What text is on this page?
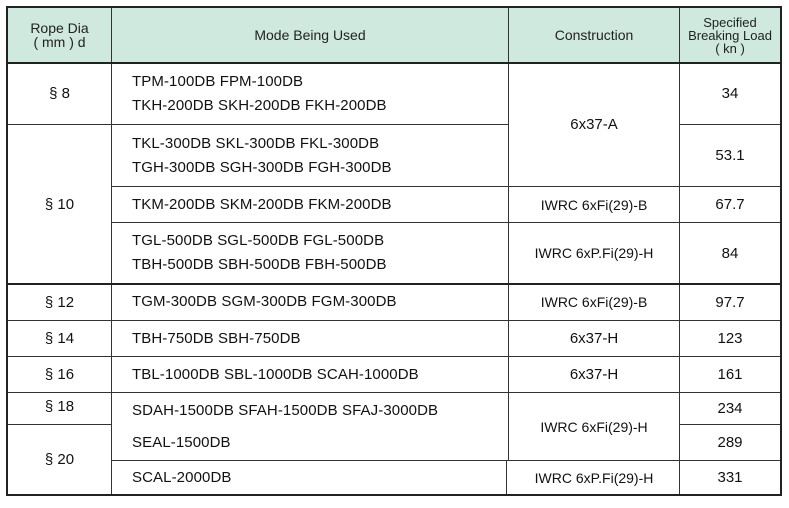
Rope Dia
( mm ) d	Mode Being Used	Construction
Specified
Breaking Load
( kn )
§ 8
§ 10
§ 12
§ 14
§ 16
§ 18
§ 20
TPM-100DB FPM-100DB
TKH-200DB SKH-200DB FKH-200DB
TKL-300DB SKL-300DB FKL-300DB
TGH-300DB SGH-300DB FGH-300DB
TKM-200DB SKM-200DB FKM-200DB
TGL-500DB SGL-500DB FGL-500DB
TBH-500DB SBH-500DB FBH-500DB
TGM-300DB SGM-300DB FGM-300DB
TBH-750DB SBH-750DB
TBL-1000DB SBL-1000DB SCAH-1000DB
SDAH-1500DB SFAH-1500DB SFAJ-3000DB
SEAL-1500DB
SCAL-2000DB
6x37-A
IWRC 6xFi(29)-B
IWRC 6xP.Fi(29)-H
IWRC 6xFi(29)-B
6x37-H
6x37-H
IWRC 6xFi(29)-H
IWRC 6xP.Fi(29)-H
34
53.1
67.7
84
97.7
123
161
234
289
331
